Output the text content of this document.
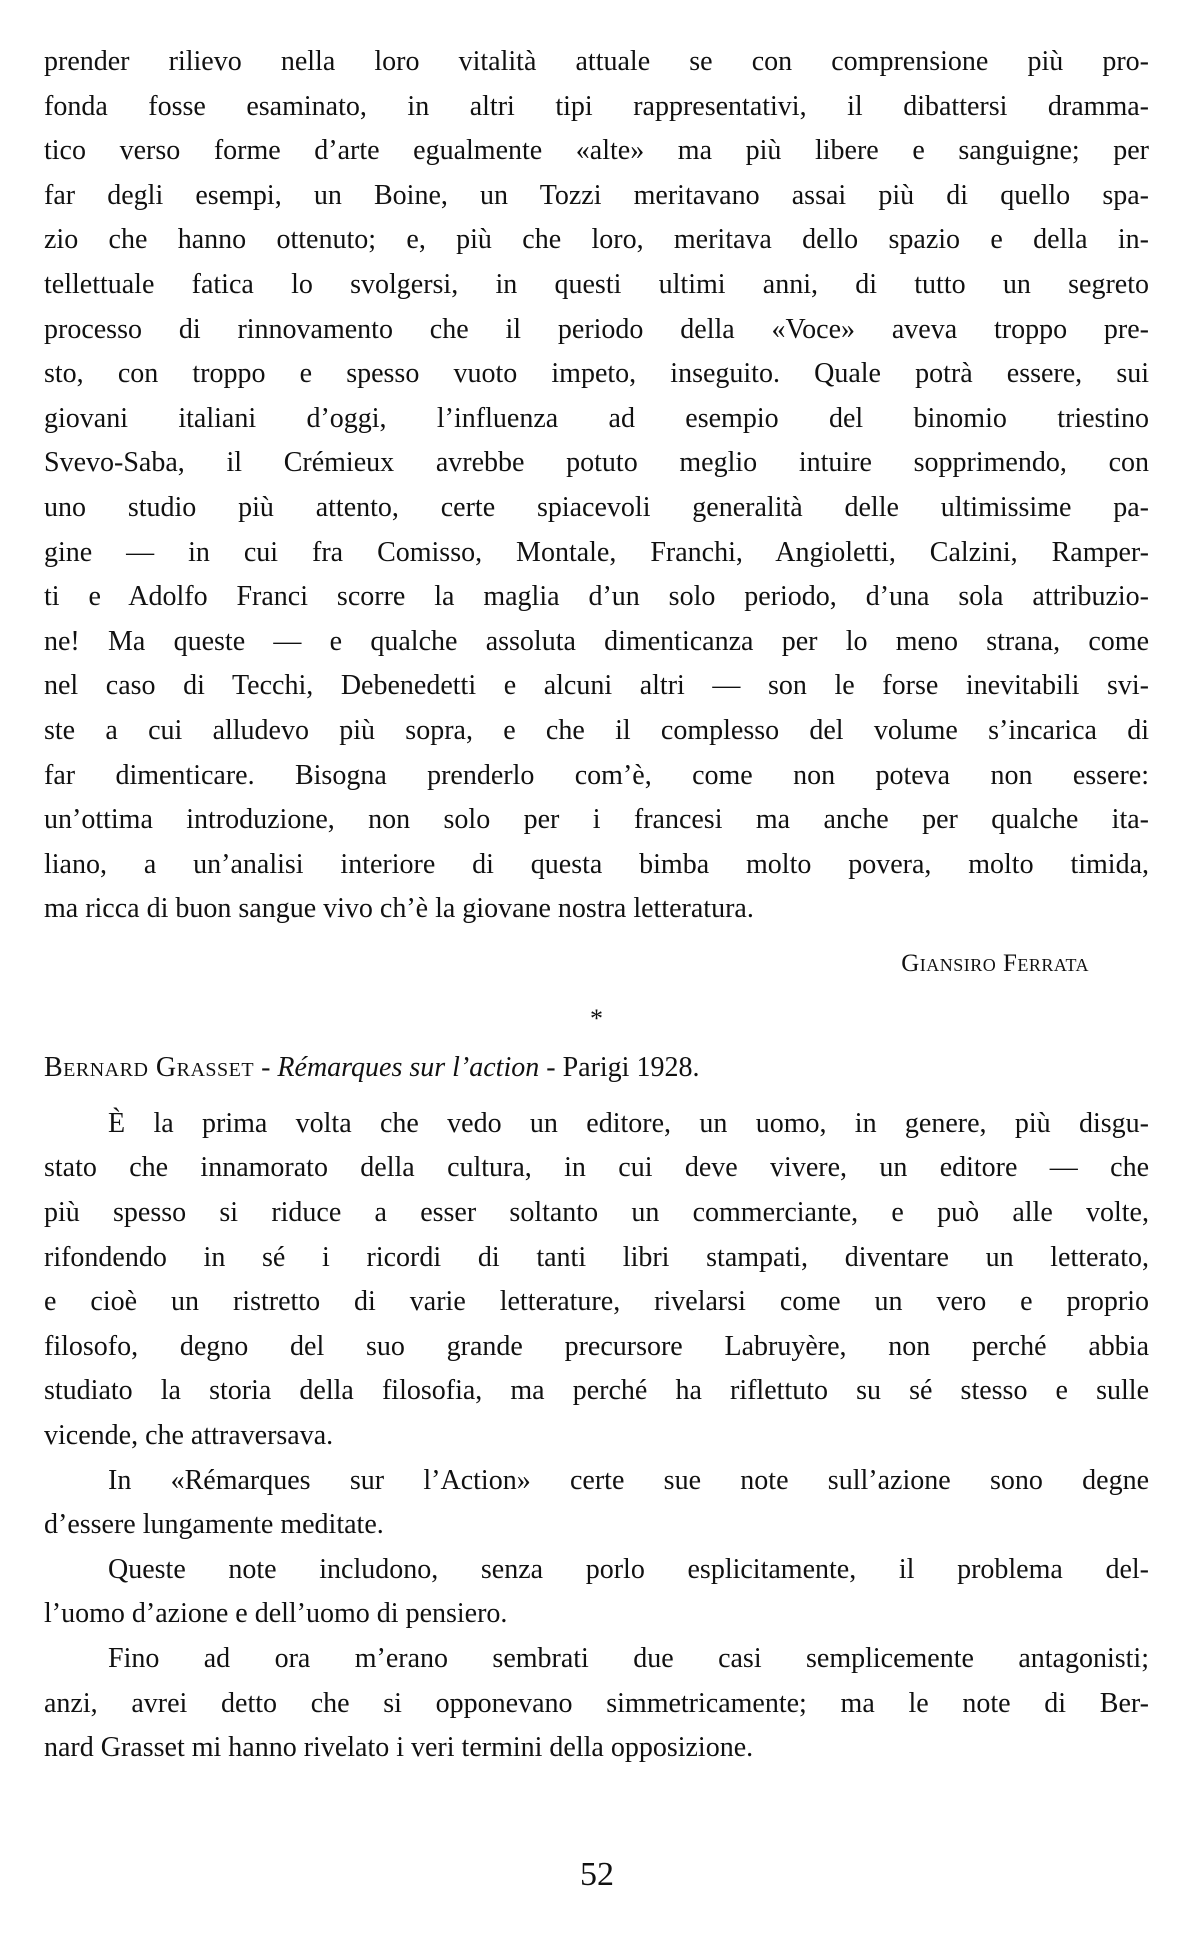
prender rilievo nella loro vitalità attuale se con comprensione più pro-
fonda fosse esaminato, in altri tipi rappresentativi, il dibattersi dramma-
tico verso forme d’arte egualmente «alte» ma più libere e sanguigne; per
far degli esempi, un Boine, un Tozzi meritavano assai più di quello spa-
zio che hanno ottenuto; e, più che loro, meritava dello spazio e della in-
tellettuale fatica lo svolgersi, in questi ultimi anni, di tutto un segreto
processo di rinnovamento che il periodo della «Voce» aveva troppo pre-
sto, con troppo e spesso vuoto impeto, inseguito. Quale potrà essere, sui
giovani italiani d’oggi, l’influenza ad esempio del binomio triestino
Svevo-Saba, il Crémieux avrebbe potuto meglio intuire sopprimendo, con
uno studio più attento, certe spiacevoli generalità delle ultimissime pa-
gine — in cui fra Comisso, Montale, Franchi, Angioletti, Calzini, Ramper-
ti e Adolfo Franci scorre la maglia d’un solo periodo, d’una sola attribuzio-
ne! Ma queste — e qualche assoluta dimenticanza per lo meno strana, come
nel caso di Tecchi, Debenedetti e alcuni altri — son le forse inevitabili svi-
ste a cui alludevo più sopra, e che il complesso del volume s’incarica di
far dimenticare. Bisogna prenderlo com’è, come non poteva non essere:
un’ottima introduzione, non solo per i francesi ma anche per qualche ita-
liano, a un’analisi interiore di questa bimba molto povera, molto timida,
ma ricca di buon sangue vivo ch’è la giovane nostra letteratura.
Giansiro Ferrata
*
Bernard Grasset - Rémarques sur l’action - Parigi 1928.
È la prima volta che vedo un editore, un uomo, in genere, più disgu-
stato che innamorato della cultura, in cui deve vivere, un editore — che
più spesso si riduce a esser soltanto un commerciante, e può alle volte,
rifondendo in sé i ricordi di tanti libri stampati, diventare un letterato,
e cioè un ristretto di varie letterature, rivelarsi come un vero e proprio
filosofo, degno del suo grande precursore Labruyère, non perché abbia
studiato la storia della filosofia, ma perché ha riflettuto su sé stesso e sulle
vicende, che attraversava.
In «Rémarques sur l’Action» certe sue note sull’azione sono degne
d’essere lungamente meditate.
Queste note includono, senza porlo esplicitamente, il problema del-
l’uomo d’azione e dell’uomo di pensiero.
Fino ad ora m’erano sembrati due casi semplicemente antagonisti;
anzi, avrei detto che si opponevano simmetricamente; ma le note di Ber-
nard Grasset mi hanno rivelato i veri termini della opposizione.
52
